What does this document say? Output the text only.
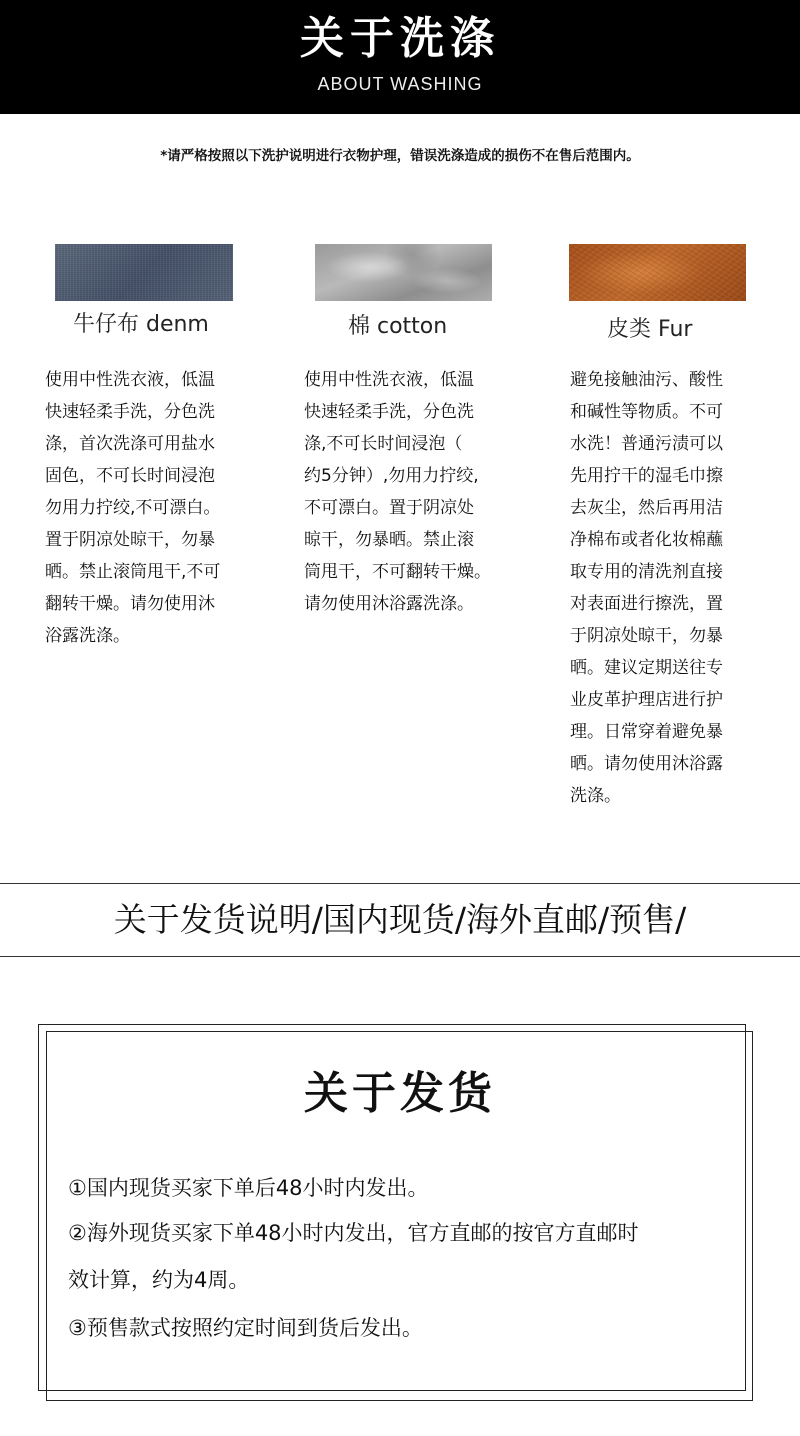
关于洗涤
ABOUT WASHING
*请严格按照以下洗护说明进行衣物护理，错误洗涤造成的损伤不在售后范围内。
牛仔布 denm
使用中性洗衣液，低温
快速轻柔手洗，分色洗
涤，首次洗涤可用盐水
固色，不可长时间浸泡
勿用力拧绞,不可漂白。
置于阴凉处晾干，勿暴
晒。禁止滚筒甩干,不可
翻转干燥。请勿使用沐
浴露洗涤。
棉 cotton
使用中性洗衣液，低温
快速轻柔手洗，分色洗
涤,不可长时间浸泡（
约5分钟）,勿用力拧绞,
不可漂白。置于阴凉处
晾干，勿暴晒。禁止滚
筒甩干，不可翻转干燥。
请勿使用沐浴露洗涤。
皮类 Fur
避免接触油污、酸性
和碱性等物质。不可
水洗！普通污渍可以
先用拧干的湿毛巾擦
去灰尘，然后再用洁
净棉布或者化妆棉蘸
取专用的清洗剂直接
对表面进行擦洗，置
于阴凉处晾干，勿暴
晒。建议定期送往专
业皮革护理店进行护
理。日常穿着避免暴
晒。请勿使用沐浴露
洗涤。
关于发货说明/国内现货/海外直邮/预售/
关于发货
①国内现货买家下单后48小时内发出。
②海外现货买家下单48小时内发出，官方直邮的按官方直邮时
效计算，约为4周。
③预售款式按照约定时间到货后发出。
